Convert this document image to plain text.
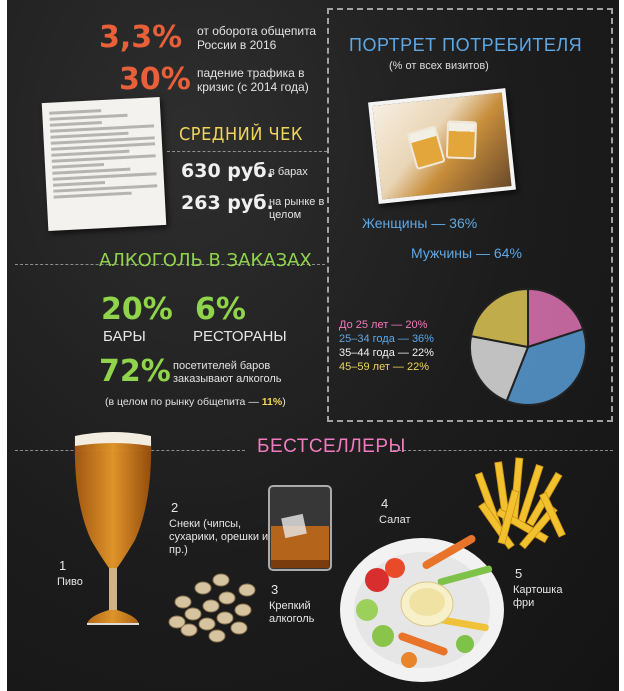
3,3% от оборота общепита России в 2016
30% падение трафика в кризис (с 2014 года)
СРЕДНИЙ ЧЕК
630 руб.
в барах
263 руб.
на рынке в целом
АЛКОГОЛЬ В ЗАКАЗАХ
20%
БАРЫ
6%
РЕСТОРАНЫ
72% посетителей баров заказывают алкоголь
(в целом по рынку общепита — 11%)
ПОРТРЕТ ПОТРЕБИТЕЛЯ
(% от всех визитов)
Женщины — 36%
Мужчины — 64%
До 25 лет — 20%
25–34 года — 36%
35–44 года — 22%
45–59 лет — 22%
БЕСТСЕЛЛЕРЫ
1
Пиво
2
Снеки (чипсы, сухарики, орешки и пр.)
3
Крепкий алкоголь
4
Салат
5
Картошка фри
